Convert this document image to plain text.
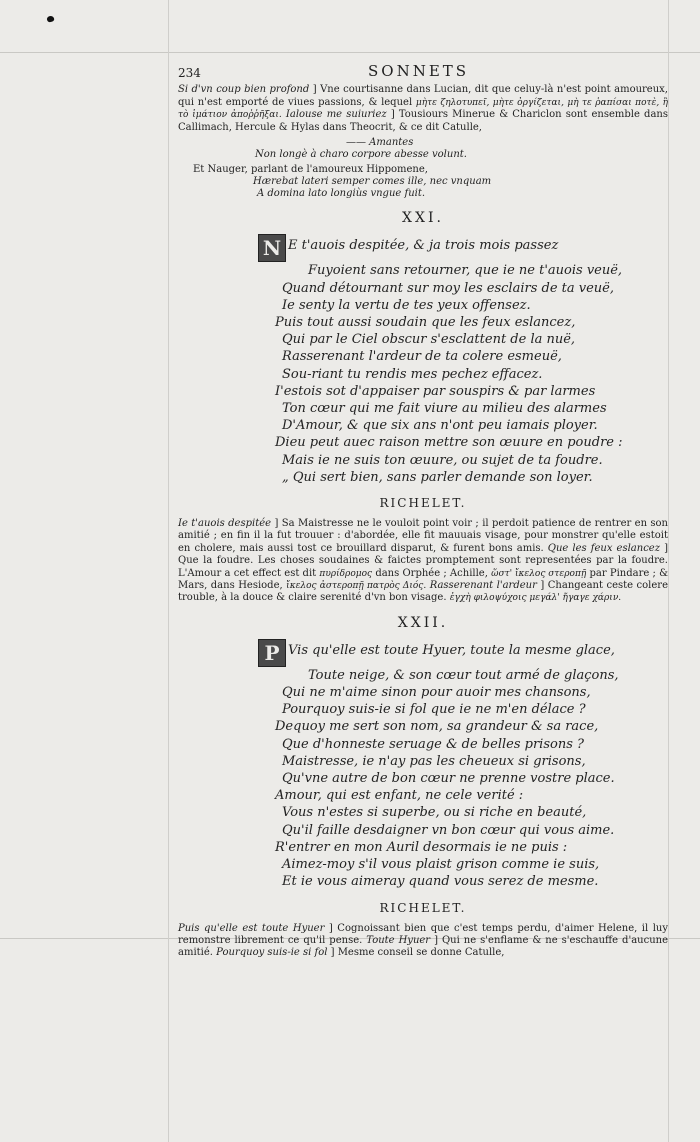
234	SONNETS

Si d'vn coup bien profond ] Vne courtisanne dans Lucian, dit que celuy-là n'est point amoureux, qui n'est emporté de viues passions, & lequel μὴτε ζηλοτυπεῖ, μὴτε ὀργίζεται, μὴ τε ῥαπίσαι ποτὲ, ἢ τὸ ἱμάτιον ἀποῤῥῆξαι. Ialouse me suiuriez ] Tousiours Minerue & Chariclon sont ensemble dans Callimach, Hercule & Hylas dans Theocrit, & ce dit Catulle,

—— Amantes
Non longè à charo corpore abesse volunt.
Et Nauger, parlant de l'amoureux Hippomene,
Hærebat lateri semper comes ille, nec vnquam
A domina lato longiùs vngue fuit.
XXI.
N E t'auois despitée, & ja trois mois passez
Fuyoient sans retourner, que ie ne t'auois veuë,
Quand détournant sur moy les esclairs de ta veuë,
Ie senty la vertu de tes yeux offensez.
Puis tout aussi soudain que les feux eslancez,
Qui par le Ciel obscur s'esclattent de la nuë,
Rasserenant l'ardeur de ta colere esmeuë,
Sou-riant tu rendis mes pechez effacez.
I'estois sot d'appaiser par souspirs & par larmes
Ton cœur qui me fait viure au milieu des alarmes
D'Amour, & que six ans n'ont peu iamais ployer.
Dieu peut auec raison mettre son œuure en poudre :
Mais ie ne suis ton œuure, ou sujet de ta foudre.
„ Qui sert bien, sans parler demande son loyer.
RICHELET.
Ie t'auois despitée ] Sa Maistresse ne le vouloit point voir ; il perdoit patience de rentrer en son amitié ; en fin il la fut trouuer : d'abordée, elle fit mauuais visage, pour monstrer qu'elle estoit en cholere, mais aussi tost ce brouillard disparut, & furent bons amis. Que les feux eslancez ] Que la foudre. Les choses soudaines & faictes promptement sont representées par la foudre. L'Amour a cet effect est dit πυρίδρομος dans Orphée ; Achille, ὥστ' ἴκελος στεροπῇ par Pindare ; & Mars, dans Hesiode, ἴκελος ἀστεροπῇ πατρὸς Διός. Rasserenant l'ardeur ] Changeant ceste colere trouble, à la douce & claire serenité d'vn bon visage. ἐγχὴ φιλοψύχοις μεγάλ' ἤγαγε χάριν.
XXII.
P Vis qu'elle est toute Hyuer, toute la mesme glace,
Toute neige, & son cœur tout armé de glaçons,
Qui ne m'aime sinon pour auoir mes chansons,
Pourquoy suis-ie si fol que ie ne m'en délace ?
Dequoy me sert son nom, sa grandeur & sa race,
Que d'honneste seruage & de belles prisons ?
Maistresse, ie n'ay pas les cheueux si grisons,
Qu'vne autre de bon cœur ne prenne vostre place.
Amour, qui est enfant, ne cele verité :
Vous n'estes si superbe, ou si riche en beauté,
Qu'il faille desdaigner vn bon cœur qui vous aime.
R'entrer en mon Auril desormais ie ne puis :
Aimez-moy s'il vous plaist grison comme ie suis,
Et ie vous aimeray quand vous serez de mesme.
RICHELET.
Puis qu'elle est toute Hyuer ] Cognoissant bien que c'est temps perdu, d'aimer Helene, il luy remonstre librement ce qu'il pense. Toute Hyuer ] Qui ne s'enflame & ne s'eschauffe d'aucune amitié. Pourquoy suis-ie si fol ] Mesme conseil se donne Catulle,
